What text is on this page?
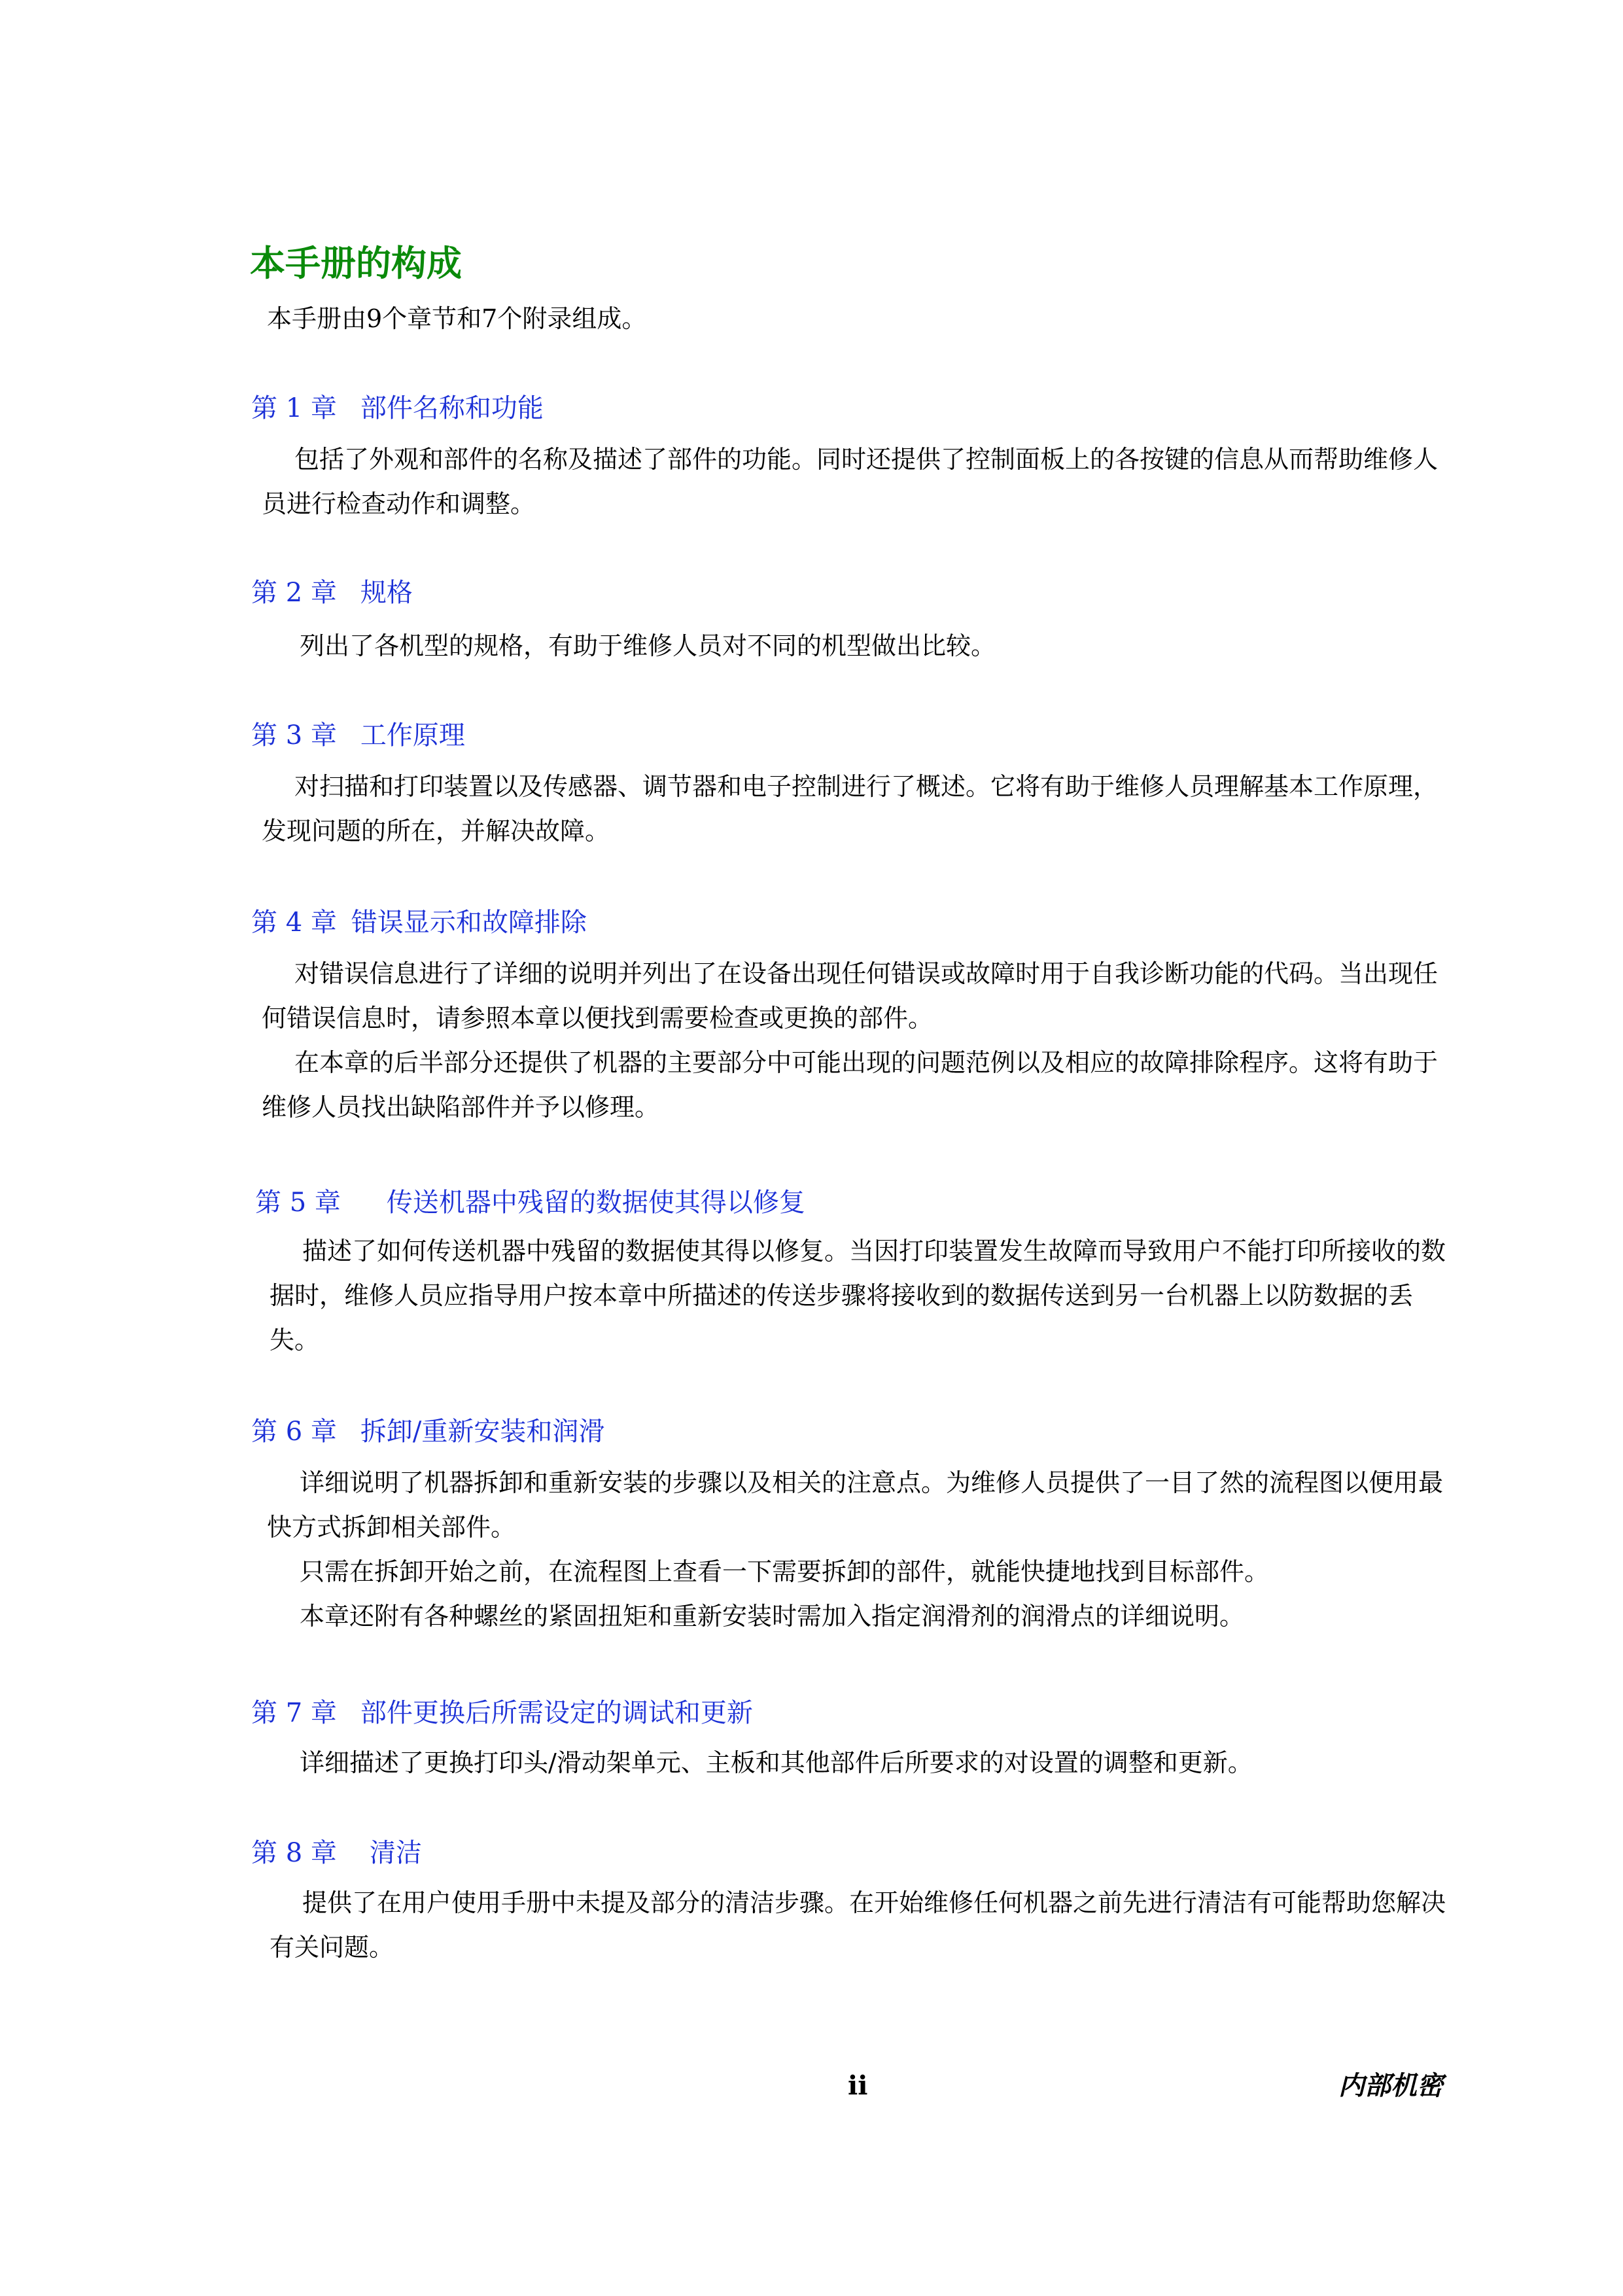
本手册的构成
本手册由9个章节和7个附录组成。
第 1 章 部件名称和功能

包括了外观和部件的名称及描述了部件的功能。同时还提供了控制面板上的各按键的信息从而帮助维修人员进行检查动作和调整。

第 2 章 规格

列出了各机型的规格，有助于维修人员对不同的机型做出比较。

第 3 章 工作原理

对扫描和打印装置以及传感器、调节器和电子控制进行了概述。它将有助于维修人员理解基本工作原理，发现问题的所在，并解决故障。

第 4 章 错误显示和故障排除

对错误信息进行了详细的说明并列出了在设备出现任何错误或故障时用于自我诊断功能的代码。当出现任何错误信息时，请参照本章以便找到需要检查或更换的部件。

在本章的后半部分还提供了机器的主要部分中可能出现的问题范例以及相应的故障排除程序。这将有助于维修人员找出缺陷部件并予以修理。

第 5 章 传送机器中残留的数据使其得以修复

描述了如何传送机器中残留的数据使其得以修复。当因打印装置发生故障而导致用户不能打印所接收的数据时，维修人员应指导用户按本章中所描述的传送步骤将接收到的数据传送到另一台机器上以防数据的丢失。

第 6 章 拆卸/重新安装和润滑

详细说明了机器拆卸和重新安装的步骤以及相关的注意点。为维修人员提供了一目了然的流程图以便用最快方式拆卸相关部件。

只需在拆卸开始之前，在流程图上查看一下需要拆卸的部件，就能快捷地找到目标部件。

本章还附有各种螺丝的紧固扭矩和重新安装时需加入指定润滑剂的润滑点的详细说明。

第 7 章 部件更换后所需设定的调试和更新

详细描述了更换打印头/滑动架单元、主板和其他部件后所要求的对设置的调整和更新。

第 8 章 清洁

提供了在用户使用手册中未提及部分的清洁步骤。在开始维修任何机器之前先进行清洁有可能帮助您解决有关问题。

ii	内部机密
